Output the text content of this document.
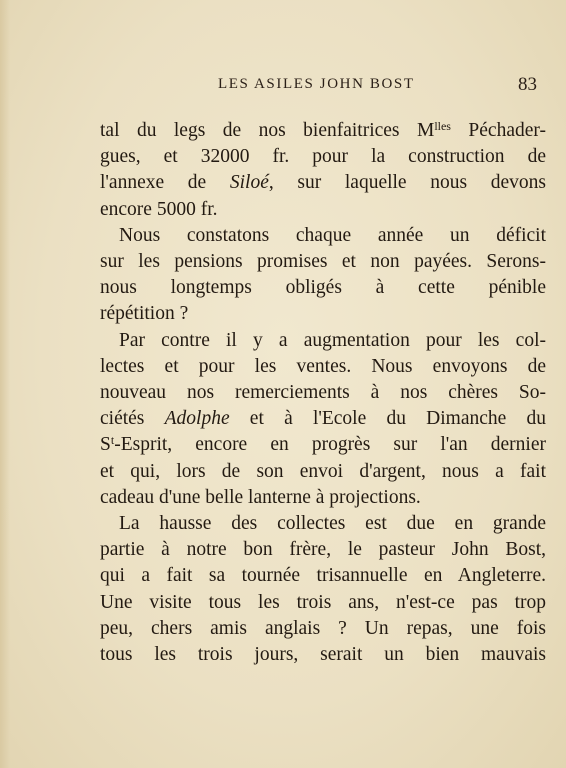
LES ASILES JOHN BOST	83

tal du legs de nos bienfaitrices $M^{lles}$ Péchader-

gues, et 32000 fr. pour la construction de

l'annexe de Siloé, sur laquelle nous devons

encore 5000 fr.

Nous constatons chaque année un déficit

sur les pensions promises et non payées. Serons-

nous longtemps obligés à cette pénible

répétition ?

Par contre il y a augmentation pour les col-

lectes et pour les ventes. Nous envoyons de

nouveau nos remerciements à nos chères So-

ciétés Adolphe et à l'Ecole du Dimanche du

$S^t$-Esprit, encore en progrès sur l'an dernier

et qui, lors de son envoi d'argent, nous a fait

cadeau d'une belle lanterne à projections.

La hausse des collectes est due en grande

partie à notre bon frère, le pasteur John Bost,

qui a fait sa tournée trisannuelle en Angleterre.

Une visite tous les trois ans, n'est-ce pas trop

peu, chers amis anglais ? Un repas, une fois

tous les trois jours, serait un bien mauvais
